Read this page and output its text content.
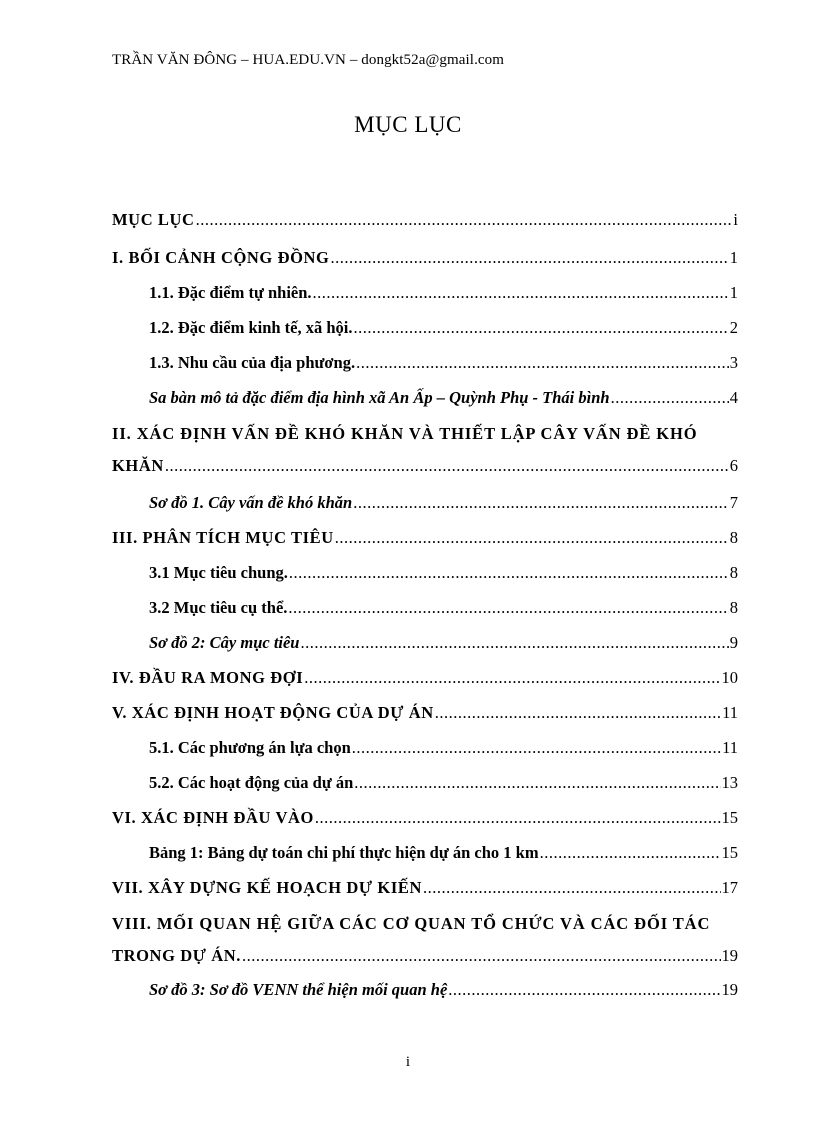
TRẦN VĂN ĐÔNG – HUA.EDU.VN – dongkt52a@gmail.com
MỤC LỤC
MỤC LỤC .....	i
I. BỐI CẢNH CỘNG ĐỒNG .....	1
1.1. Đặc điểm tự nhiên. .....	1
1.2. Đặc điểm kinh tế, xã hội. .....	2
1.3. Nhu cầu của địa phương. .....	3
Sa bàn mô tả đặc điểm địa hình xã An Ấp – Quỳnh Phụ - Thái bình .....	4
II. XÁC ĐỊNH VẤN ĐỀ KHÓ KHĂN VÀ THIẾT LẬP CÂY VẤN ĐỀ KHÓ
KHĂN .....	6
Sơ đồ 1. Cây vấn đề khó khăn .....	7
III. PHÂN TÍCH MỤC TIÊU .....	8
3.1 Mục tiêu chung. .....	8
3.2 Mục tiêu cụ thể. .....	8
Sơ đồ 2: Cây mục tiêu .....	9
IV. ĐẦU RA MONG ĐỢI .....	10
V. XÁC ĐỊNH HOẠT ĐỘNG CỦA DỰ ÁN .....	11
5.1. Các phương án lựa chọn .....	11
5.2. Các hoạt động của dự án .....	13
VI. XÁC ĐỊNH ĐẦU VÀO .....	15
Bảng 1: Bảng dự toán chi phí thực hiện dự án cho 1 km .....	15
VII. XÂY DỰNG KẾ HOẠCH DỰ KIẾN .....	17
VIII. MỐI QUAN HỆ GIỮA CÁC CƠ QUAN TỔ CHỨC VÀ CÁC ĐỐI TÁC
TRONG DỰ ÁN. .....	19
Sơ đồ 3: Sơ đồ VENN thể hiện mối quan hệ .....	19
i
